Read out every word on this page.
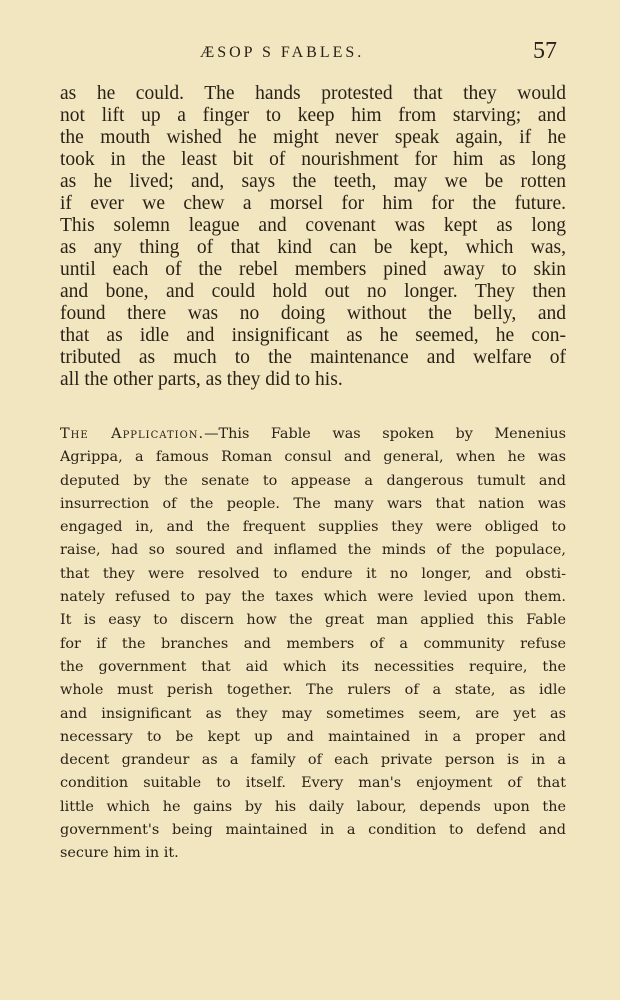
ÆSOP S FABLES.	57
as he could. The hands protested that they would
not lift up a finger to keep him from starving; and
the mouth wished he might never speak again, if he
took in the least bit of nourishment for him as long
as he lived; and, says the teeth, may we be rotten
if ever we chew a morsel for him for the future.
This solemn league and covenant was kept as long
as any thing of that kind can be kept, which was,
until each of the rebel members pined away to skin
and bone, and could hold out no longer. They then
found there was no doing without the belly, and
that as idle and insignificant as he seemed, he con-
tributed as much to the maintenance and welfare of
all the other parts, as they did to his.
The Application.—This Fable was spoken by Menenius
Agrippa, a famous Roman consul and general, when he was
deputed by the senate to appease a dangerous tumult and
insurrection of the people. The many wars that nation was
engaged in, and the frequent supplies they were obliged to
raise, had so soured and inflamed the minds of the populace,
that they were resolved to endure it no longer, and obsti-
nately refused to pay the taxes which were levied upon them.
It is easy to discern how the great man applied this Fable
for if the branches and members of a community refuse
the government that aid which its necessities require, the
whole must perish together. The rulers of a state, as idle
and insignificant as they may sometimes seem, are yet as
necessary to be kept up and maintained in a proper and
decent grandeur as a family of each private person is in a
condition suitable to itself. Every man's enjoyment of that
little which he gains by his daily labour, depends upon the
government's being maintained in a condition to defend and
secure him in it.
